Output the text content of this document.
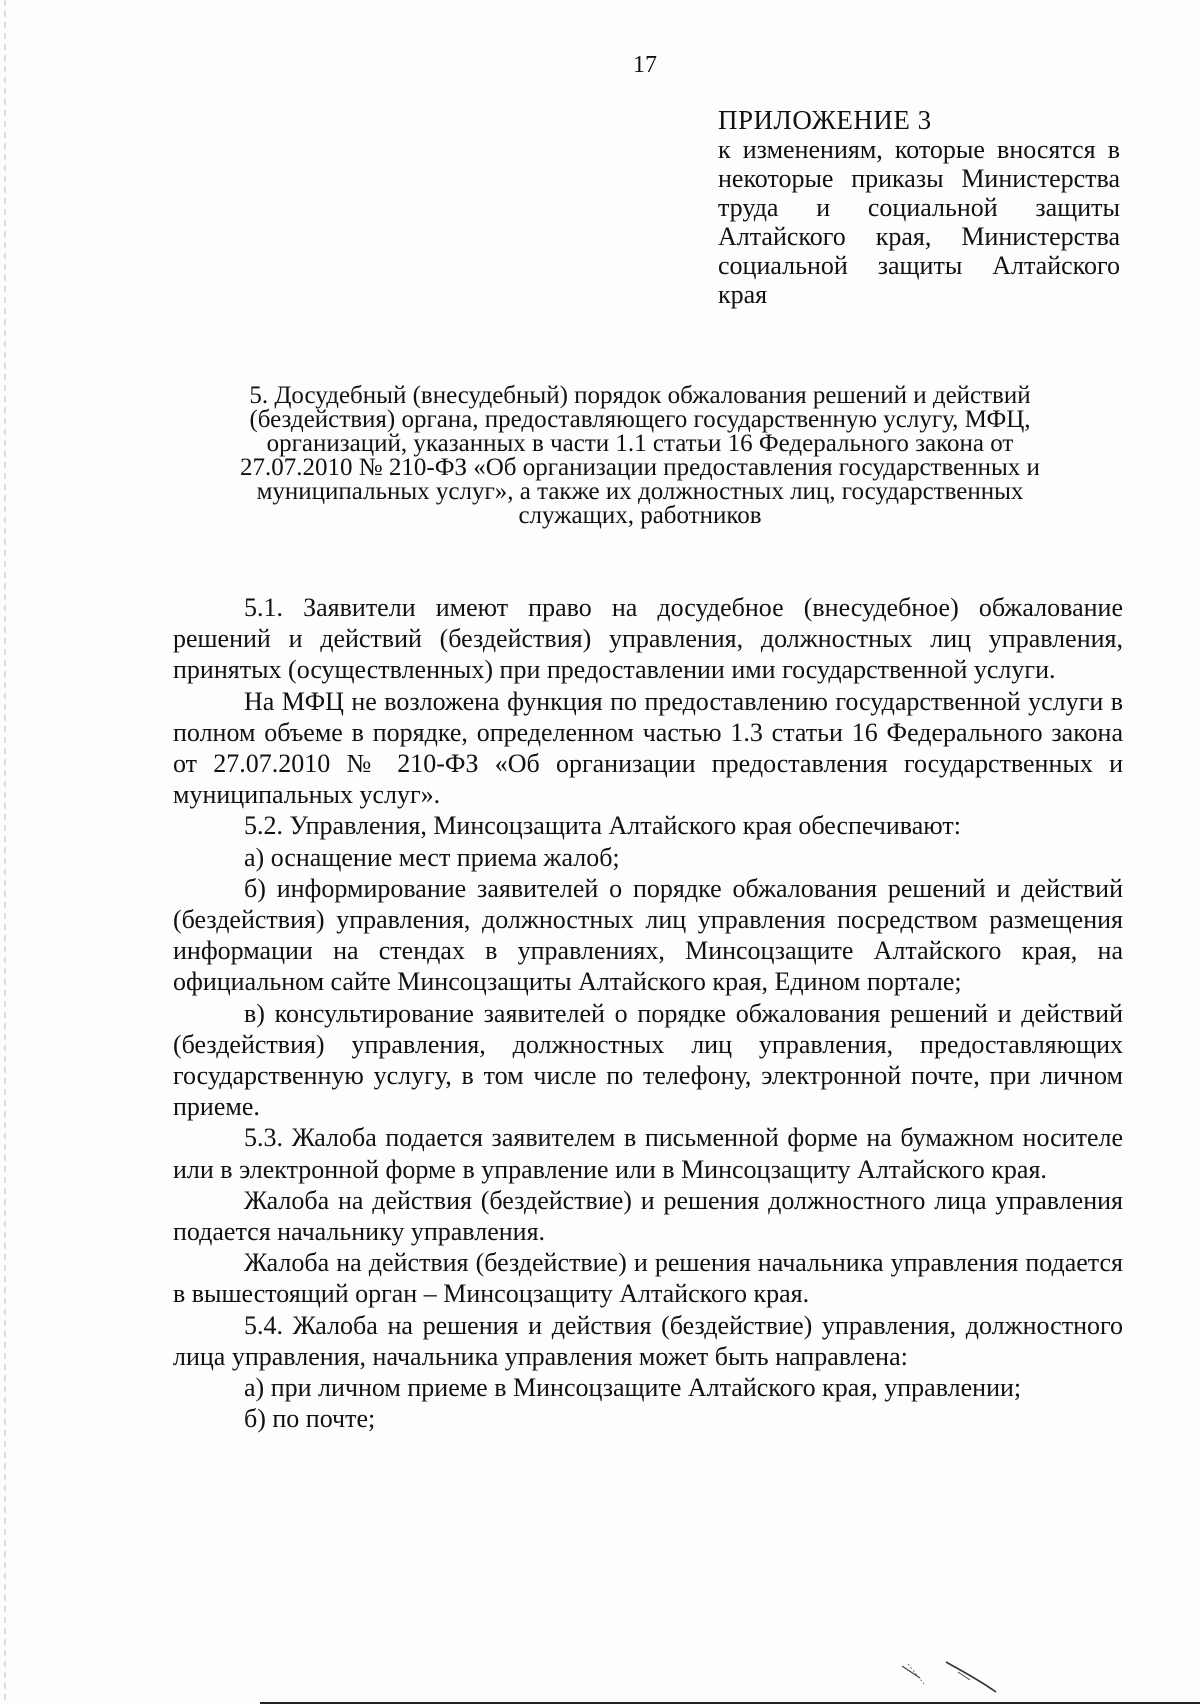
17
ПРИЛОЖЕНИЕ 3
к изменениям, которые вносятся в некоторые приказы Министерства труда и социальной защиты Алтайского края, Министерства социальной защиты Алтайского края
5. Досудебный (внесудебный) порядок обжалования решений и действий (бездействия) органа, предоставляющего государственную услугу, МФЦ, организаций, указанных в части 1.1 статьи 16 Федерального закона от 27.07.2010 № 210-ФЗ «Об организации предоставления государственных и муниципальных услуг», а также их должностных лиц, государственных служащих, работников

5.1. Заявители имеют право на досудебное (внесудебное) обжалование решений и действий (бездействия) управления, должностных лиц управления, принятых (осуществленных) при предоставлении ими государственной услуги.

На МФЦ не возложена функция по предоставлению государственной услуги в полном объеме в порядке, определенном частью 1.3 статьи 16 Федерального закона от 27.07.2010 № 210-ФЗ «Об организации предоставления государственных и муниципальных услуг».

5.2. Управления, Минсоцзащита Алтайского края обеспечивают:

а) оснащение мест приема жалоб;

б) информирование заявителей о порядке обжалования решений и действий (бездействия) управления, должностных лиц управления посредством размещения информации на стендах в управлениях, Минсоцзащите Алтайского края, на официальном сайте Минсоцзащиты Алтайского края, Едином портале;

в) консультирование заявителей о порядке обжалования решений и действий (бездействия) управления, должностных лиц управления, предоставляющих государственную услугу, в том числе по телефону, электронной почте, при личном приеме.

5.3. Жалоба подается заявителем в письменной форме на бумажном носителе или в электронной форме в управление или в Минсоцзащиту Алтайского края.

Жалоба на действия (бездействие) и решения должностного лица управления подается начальнику управления.

Жалоба на действия (бездействие) и решения начальника управления подается в вышестоящий орган – Минсоцзащиту Алтайского края.

5.4. Жалоба на решения и действия (бездействие) управления, должностного лица управления, начальника управления может быть направлена:

а) при личном приеме в Минсоцзащите Алтайского края, управлении;

б) по почте;
